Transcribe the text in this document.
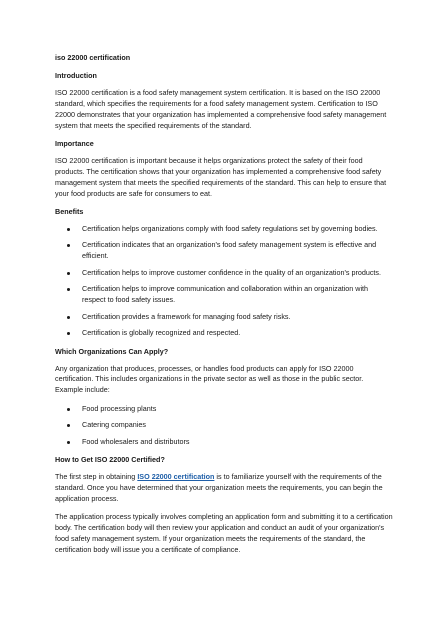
iso 22000 certification
Introduction

ISO 22000 certification is a food safety management system certification. It is based on the ISO 22000 standard, which specifies the requirements for a food safety management system. Certification to ISO 22000 demonstrates that your organization has implemented a comprehensive food safety management system that meets the specified requirements of the standard.

Importance

ISO 22000 certification is important because it helps organizations protect the safety of their food products. The certification shows that your organization has implemented a comprehensive food safety management system that meets the specified requirements of the standard. This can help to ensure that your food products are safe for consumers to eat.

Benefits
Certification helps organizations comply with food safety regulations set by governing bodies.
Certification indicates that an organization's food safety management system is effective and efficient.
Certification helps to improve customer confidence in the quality of an organization's products.
Certification helps to improve communication and collaboration within an organization with respect to food safety issues.
Certification provides a framework for managing food safety risks.
Certification is globally recognized and respected.
Which Organizations Can Apply?

Any organization that produces, processes, or handles food products can apply for ISO 22000 certification. This includes organizations in the private sector as well as those in the public sector. Example include:

Food processing plants
Catering companies
Food wholesalers and distributors
How to Get ISO 22000 Certified?

The first step in obtaining ISO 22000 certification is to familiarize yourself with the requirements of the standard. Once you have determined that your organization meets the requirements, you can begin the application process.

The application process typically involves completing an application form and submitting it to a certification body. The certification body will then review your application and conduct an audit of your organization's food safety management system. If your organization meets the requirements of the standard, the certification body will issue you a certificate of compliance.
